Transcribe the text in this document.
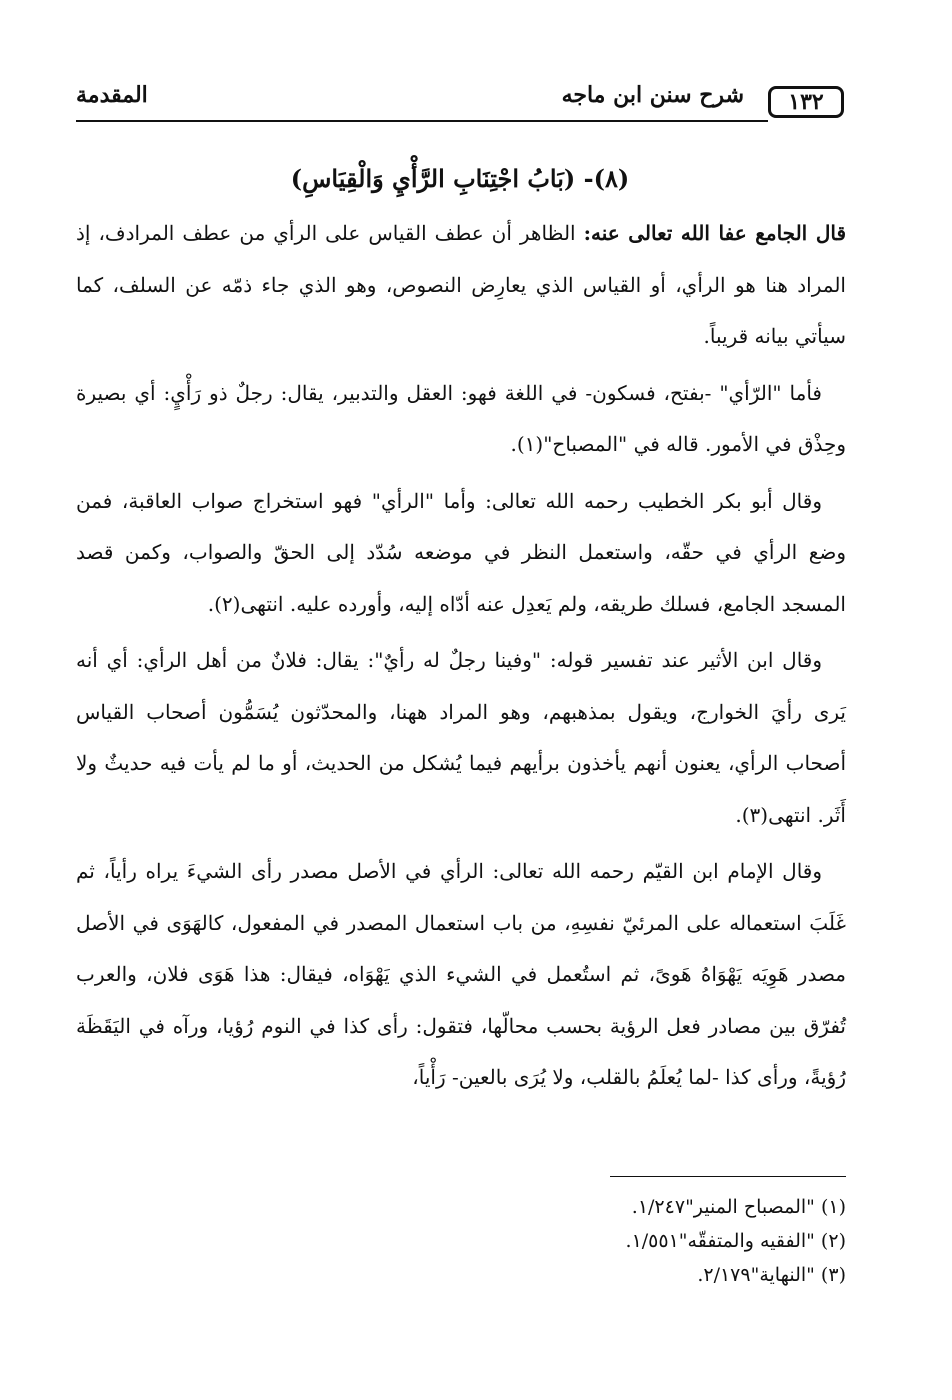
١٣٢
شرح سنن ابن ماجه
المقدمة
(٨)- (بَابُ اجْتِنَابِ الرَّأْيِ وَالْقِيَاسِ)

قال الجامع عفا الله تعالى عنه: الظاهر أن عطف القياس على الرأي من عطف المرادف، إذ المراد هنا هو الرأي، أو القياس الذي يعارِض النصوص، وهو الذي جاء ذمّه عن السلف، كما سيأتي بيانه قريباً.

فأما "الرّأي" -بفتح، فسكون- في اللغة فهو: العقل والتدبير، يقال: رجلٌ ذو رَأْيٍ: أي بصيرة وحِذْق في الأمور. قاله في "المصباح"(١).

وقال أبو بكر الخطيب رحمه الله تعالى: وأما "الرأي" فهو استخراج صواب العاقبة، فمن وضع الرأي في حقّه، واستعمل النظر في موضعه سُدّد إلى الحقّ والصواب، وكمن قصد المسجد الجامع، فسلك طريقه، ولم يَعدِل عنه أدّاه إليه، وأورده عليه. انتهى(٢).

وقال ابن الأثير عند تفسير قوله: "وفينا رجلٌ له رأيٌ": يقال: فلانٌ من أهل الرأي: أي أنه يَرى رأيَ الخوارج، ويقول بمذهبهم، وهو المراد ههنا، والمحدّثون يُسَمُّون أصحاب القياس أصحاب الرأي، يعنون أنهم يأخذون برأيهم فيما يُشكل من الحديث، أو ما لم يأت فيه حديثٌ ولا أَثَر. انتهى(٣).

وقال الإمام ابن القيّم رحمه الله تعالى: الرأي في الأصل مصدر رأى الشيءَ يراه رأياً، ثم غَلَبَ استعماله على المرئيّ نفسِهِ، من باب استعمال المصدر في المفعول، كالهَوَى في الأصل مصدر هَوِيَه يَهْوَاهُ هَوىً، ثم استُعمل في الشيء الذي يَهْوَاه، فيقال: هذا هَوَى فلان، والعرب تُفرّق بين مصادر فعل الرؤية بحسب محالّها، فتقول: رأى كذا في النوم رُؤيا، ورآه في اليَقَظَة رُؤيةً، ورأى كذا -لما يُعلَمُ بالقلب، ولا يُرَى بالعين- رَأْياً،

(١) "المصباح المنير"١/٢٤٧.
(٢) "الفقيه والمتفقّه"١/٥٥١.
(٣) "النهاية"٢/١٧٩.
